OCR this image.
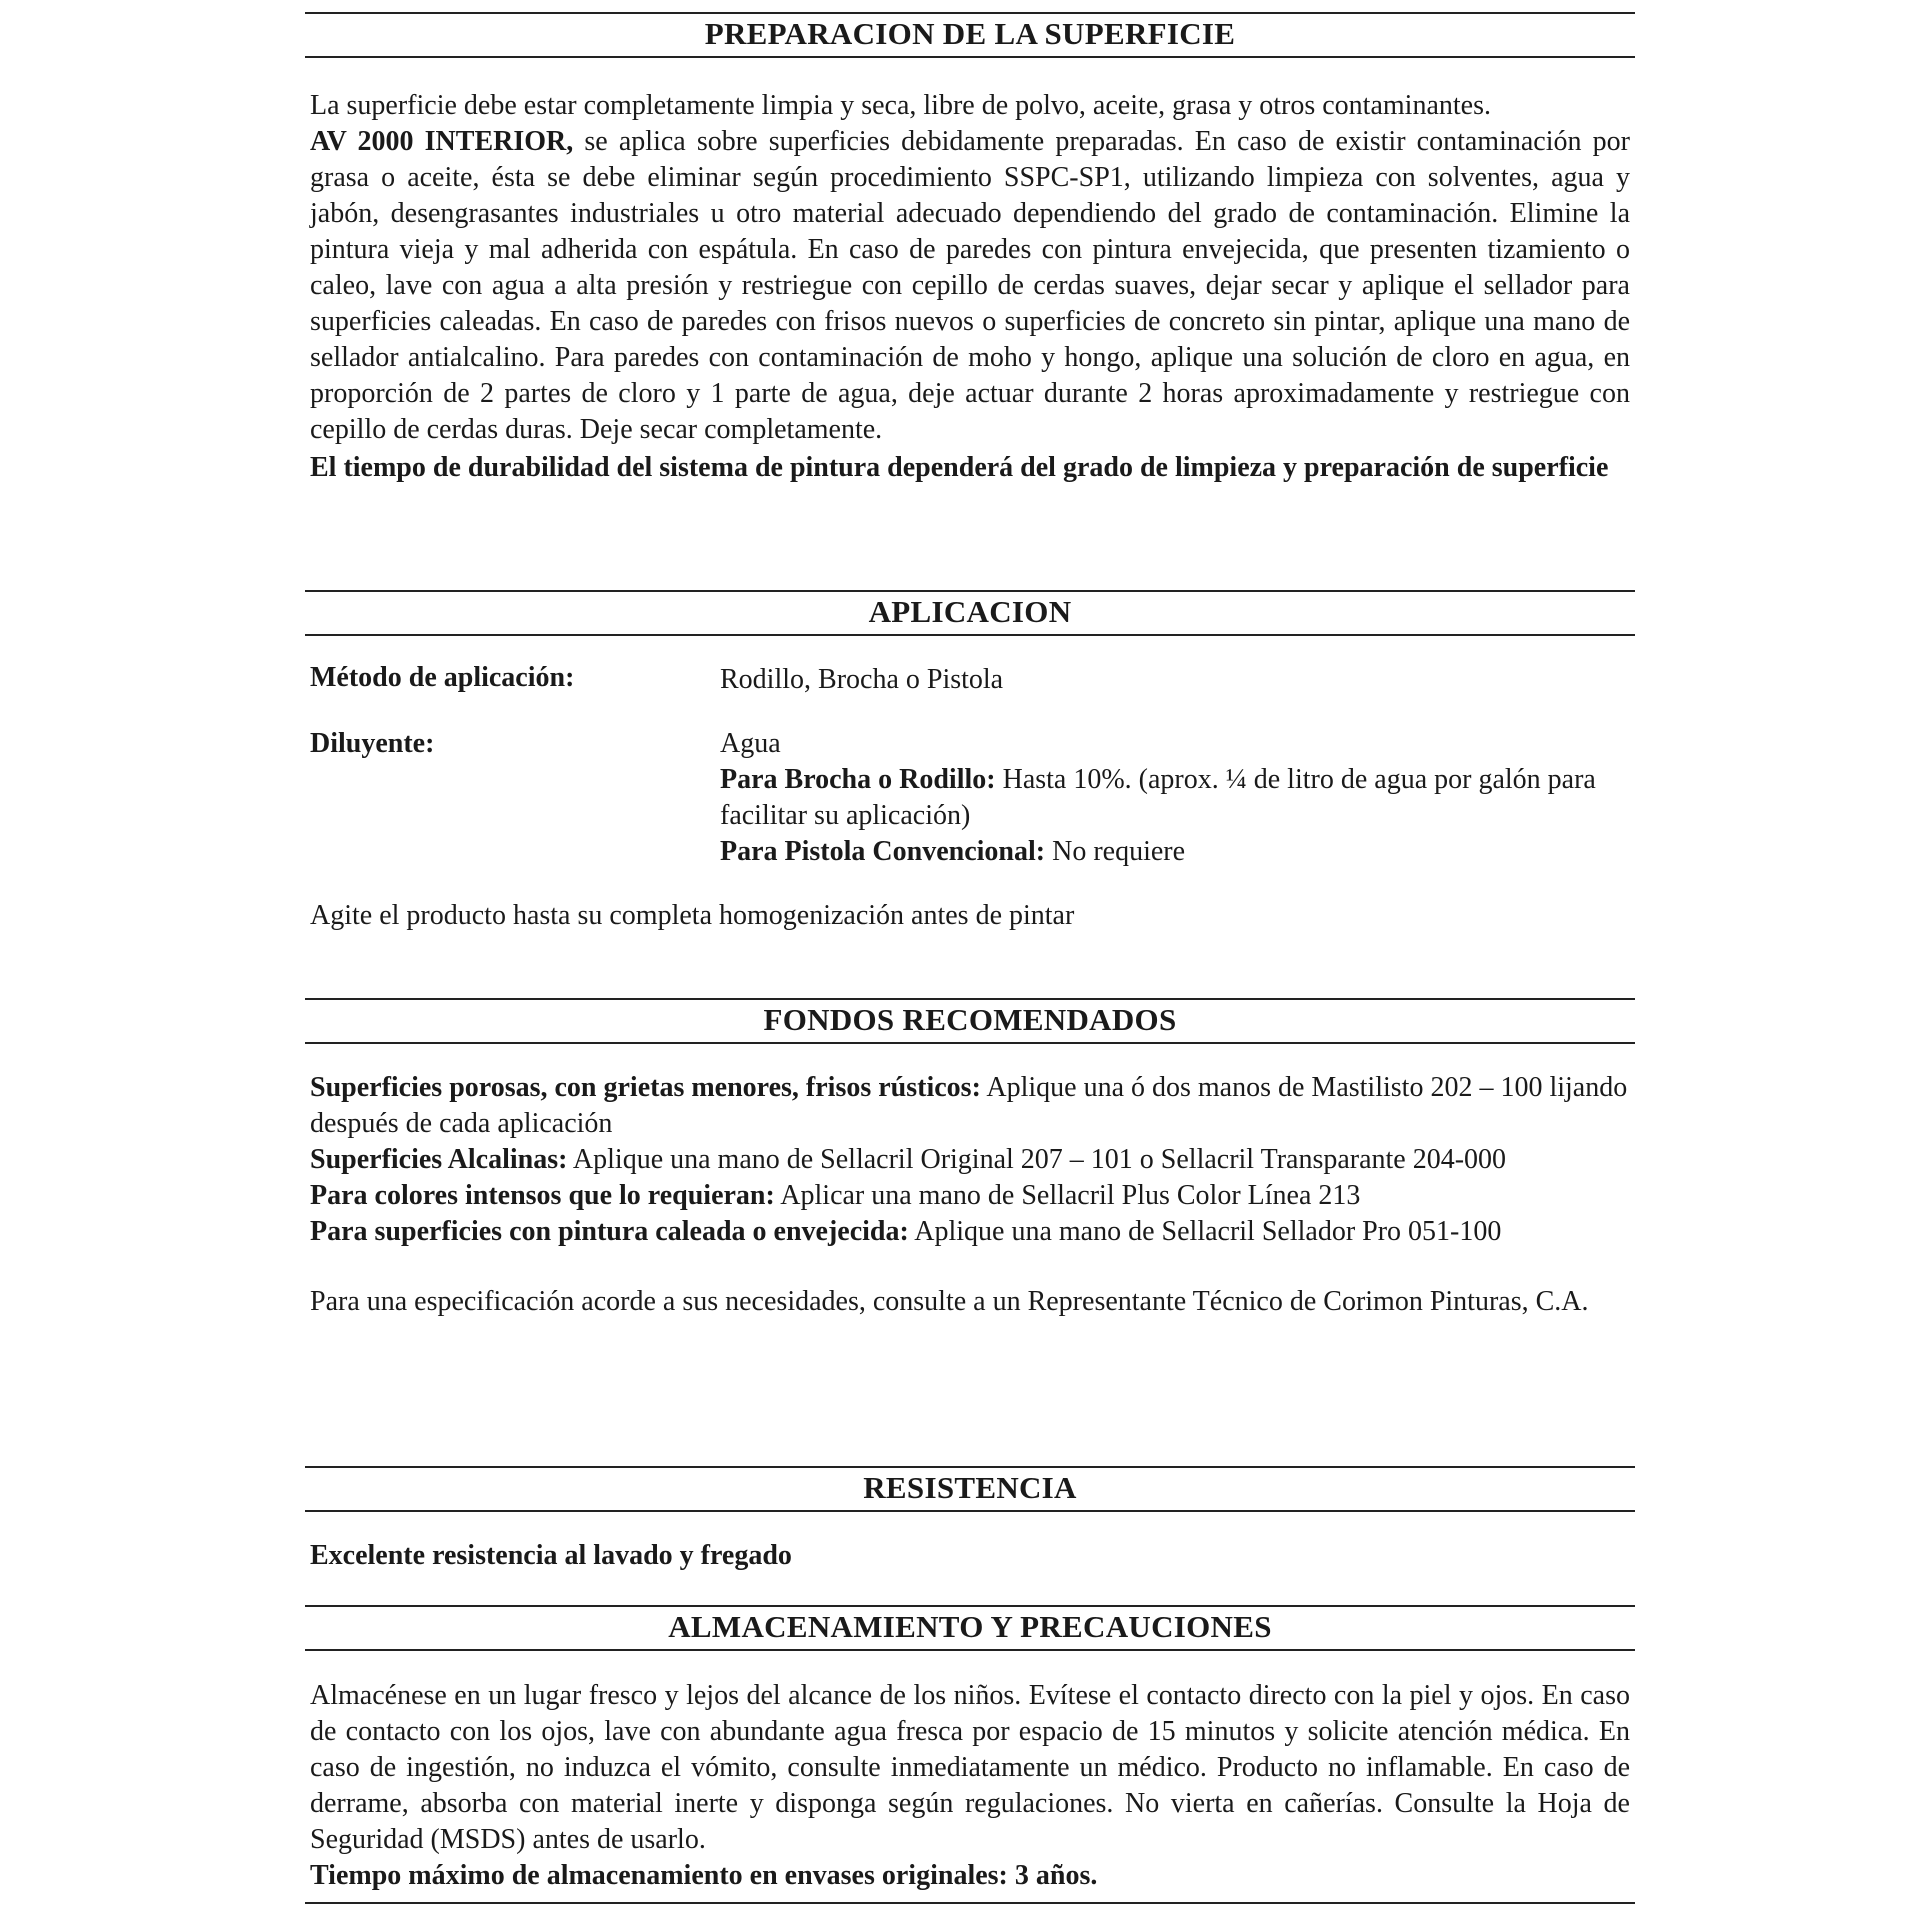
PREPARACION DE LA SUPERFICIE
La superficie debe estar completamente limpia y seca, libre de polvo, aceite, grasa y otros contaminantes.
AV 2000 INTERIOR, se aplica sobre superficies debidamente preparadas. En caso de existir contaminación por grasa o aceite, ésta se debe eliminar según procedimiento SSPC-SP1, utilizando limpieza con solventes, agua y jabón, desengrasantes industriales u otro material adecuado dependiendo del grado de contaminación. Elimine la pintura vieja y mal adherida con espátula. En caso de paredes con pintura envejecida, que presenten tizamiento o caleo, lave con agua a alta presión y restriegue con cepillo de cerdas suaves, dejar secar y aplique el sellador para superficies caleadas. En caso de paredes con frisos nuevos o superficies de concreto sin pintar, aplique una mano de sellador antialcalino. Para paredes con contaminación de moho y hongo, aplique una solución de cloro en agua, en proporción de 2 partes de cloro y 1 parte de agua, deje actuar durante 2 horas aproximadamente y restriegue con cepillo de cerdas duras. Deje secar completamente.
El tiempo de durabilidad del sistema de pintura dependerá del grado de limpieza y preparación de superficie
APLICACION
Método de aplicación:	Rodillo, Brocha o Pistola
Diluyente:	Agua
Para Brocha o Rodillo: Hasta 10%. (aprox. ¼ de litro de agua por galón para facilitar su aplicación)
Para Pistola Convencional: No requiere
Agite el producto hasta su completa homogenización antes de pintar
FONDOS RECOMENDADOS
Superficies porosas, con grietas menores, frisos rústicos: Aplique una ó dos manos de Mastilisto 202 – 100 lijando después de cada aplicación
Superficies Alcalinas: Aplique una mano de Sellacril Original 207 – 101 o Sellacril Transparante 204-000
Para colores intensos que lo requieran: Aplicar una mano de Sellacril Plus Color Línea 213
Para superficies con pintura caleada o envejecida: Aplique una mano de Sellacril Sellador Pro 051-100
Para una especificación acorde a sus necesidades, consulte a un Representante Técnico de Corimon Pinturas, C.A.
RESISTENCIA
Excelente resistencia al lavado y fregado
ALMACENAMIENTO Y PRECAUCIONES
Almacénese en un lugar fresco y lejos del alcance de los niños. Evítese el contacto directo con la piel y ojos. En caso de contacto con los ojos, lave con abundante agua fresca por espacio de 15 minutos y solicite atención médica. En caso de ingestión, no induzca el vómito, consulte inmediatamente un médico. Producto no inflamable. En caso de derrame, absorba con material inerte y disponga según regulaciones. No vierta en cañerías. Consulte la Hoja de Seguridad (MSDS) antes de usarlo.
Tiempo máximo de almacenamiento en envases originales: 3 años.
